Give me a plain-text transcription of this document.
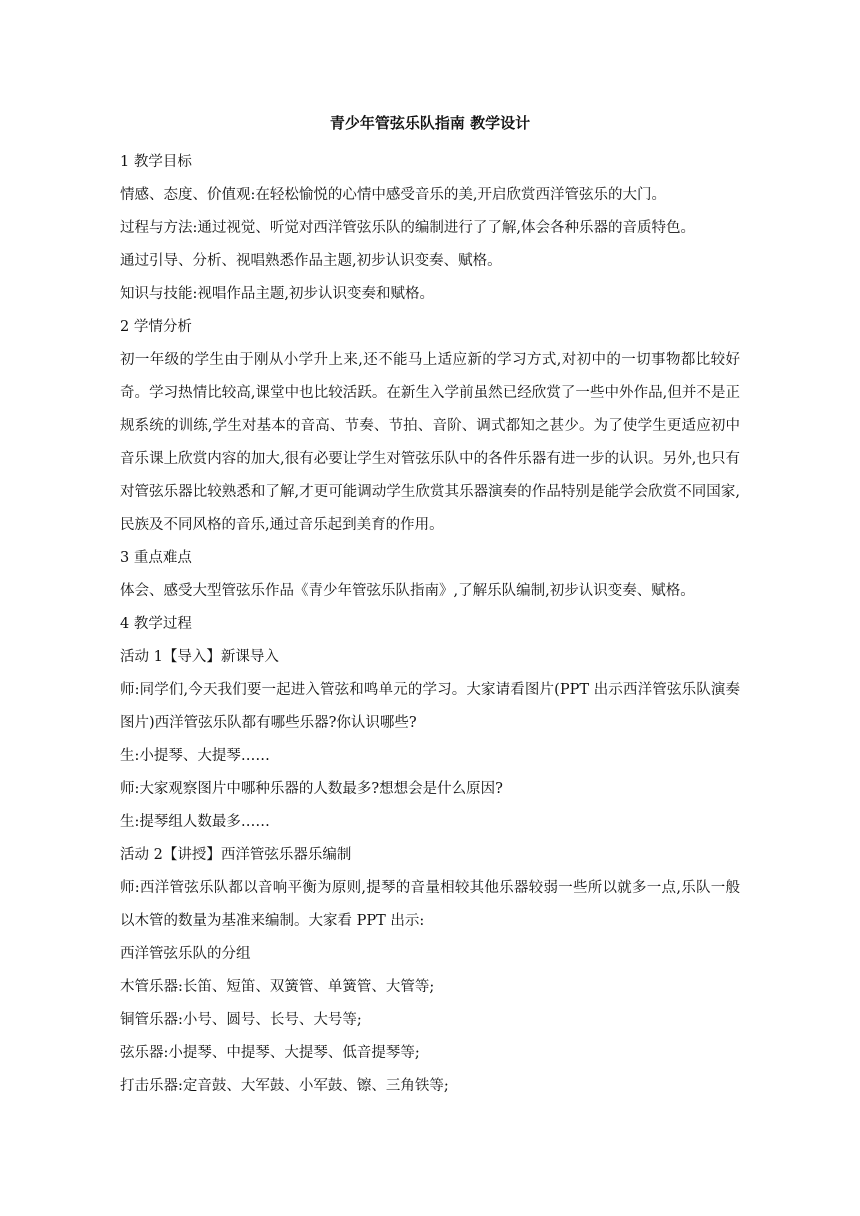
青少年管弦乐队指南 教学设计

1 教学目标

情感、态度、价值观:在轻松愉悦的心情中感受音乐的美,开启欣赏西洋管弦乐的大门。

过程与方法:通过视觉、听觉对西洋管弦乐队的编制进行了了解,体会各种乐器的音质特色。

通过引导、分析、视唱熟悉作品主题,初步认识变奏、赋格。

知识与技能:视唱作品主题,初步认识变奏和赋格。

2 学情分析

初一年级的学生由于刚从小学升上来,还不能马上适应新的学习方式,对初中的一切事物都比较好奇。学习热情比较高,课堂中也比较活跃。在新生入学前虽然已经欣赏了一些中外作品,但并不是正规系统的训练,学生对基本的音高、节奏、节拍、音阶、调式都知之甚少。为了使学生更适应初中音乐课上欣赏内容的加大,很有必要让学生对管弦乐队中的各件乐器有进一步的认识。另外,也只有对管弦乐器比较熟悉和了解,才更可能调动学生欣赏其乐器演奏的作品特别是能学会欣赏不同国家,民族及不同风格的音乐,通过音乐起到美育的作用。

3 重点难点

体会、感受大型管弦乐作品《青少年管弦乐队指南》,了解乐队编制,初步认识变奏、赋格。

4 教学过程

活动 1【导入】新课导入

师:同学们,今天我们要一起进入管弦和鸣单元的学习。大家请看图片(PPT 出示西洋管弦乐队演奏图片)西洋管弦乐队都有哪些乐器?你认识哪些?

生:小提琴、大提琴……

师:大家观察图片中哪种乐器的人数最多?想想会是什么原因?

生:提琴组人数最多……

活动 2【讲授】西洋管弦乐器乐编制

师:西洋管弦乐队都以音响平衡为原则,提琴的音量相较其他乐器较弱一些所以就多一点,乐队一般以木管的数量为基准来编制。大家看 PPT 出示:

西洋管弦乐队的分组

木管乐器:长笛、短笛、双簧管、单簧管、大管等;

铜管乐器:小号、圆号、长号、大号等;

弦乐器:小提琴、中提琴、大提琴、低音提琴等;

打击乐器:定音鼓、大军鼓、小军鼓、镲、三角铁等;
